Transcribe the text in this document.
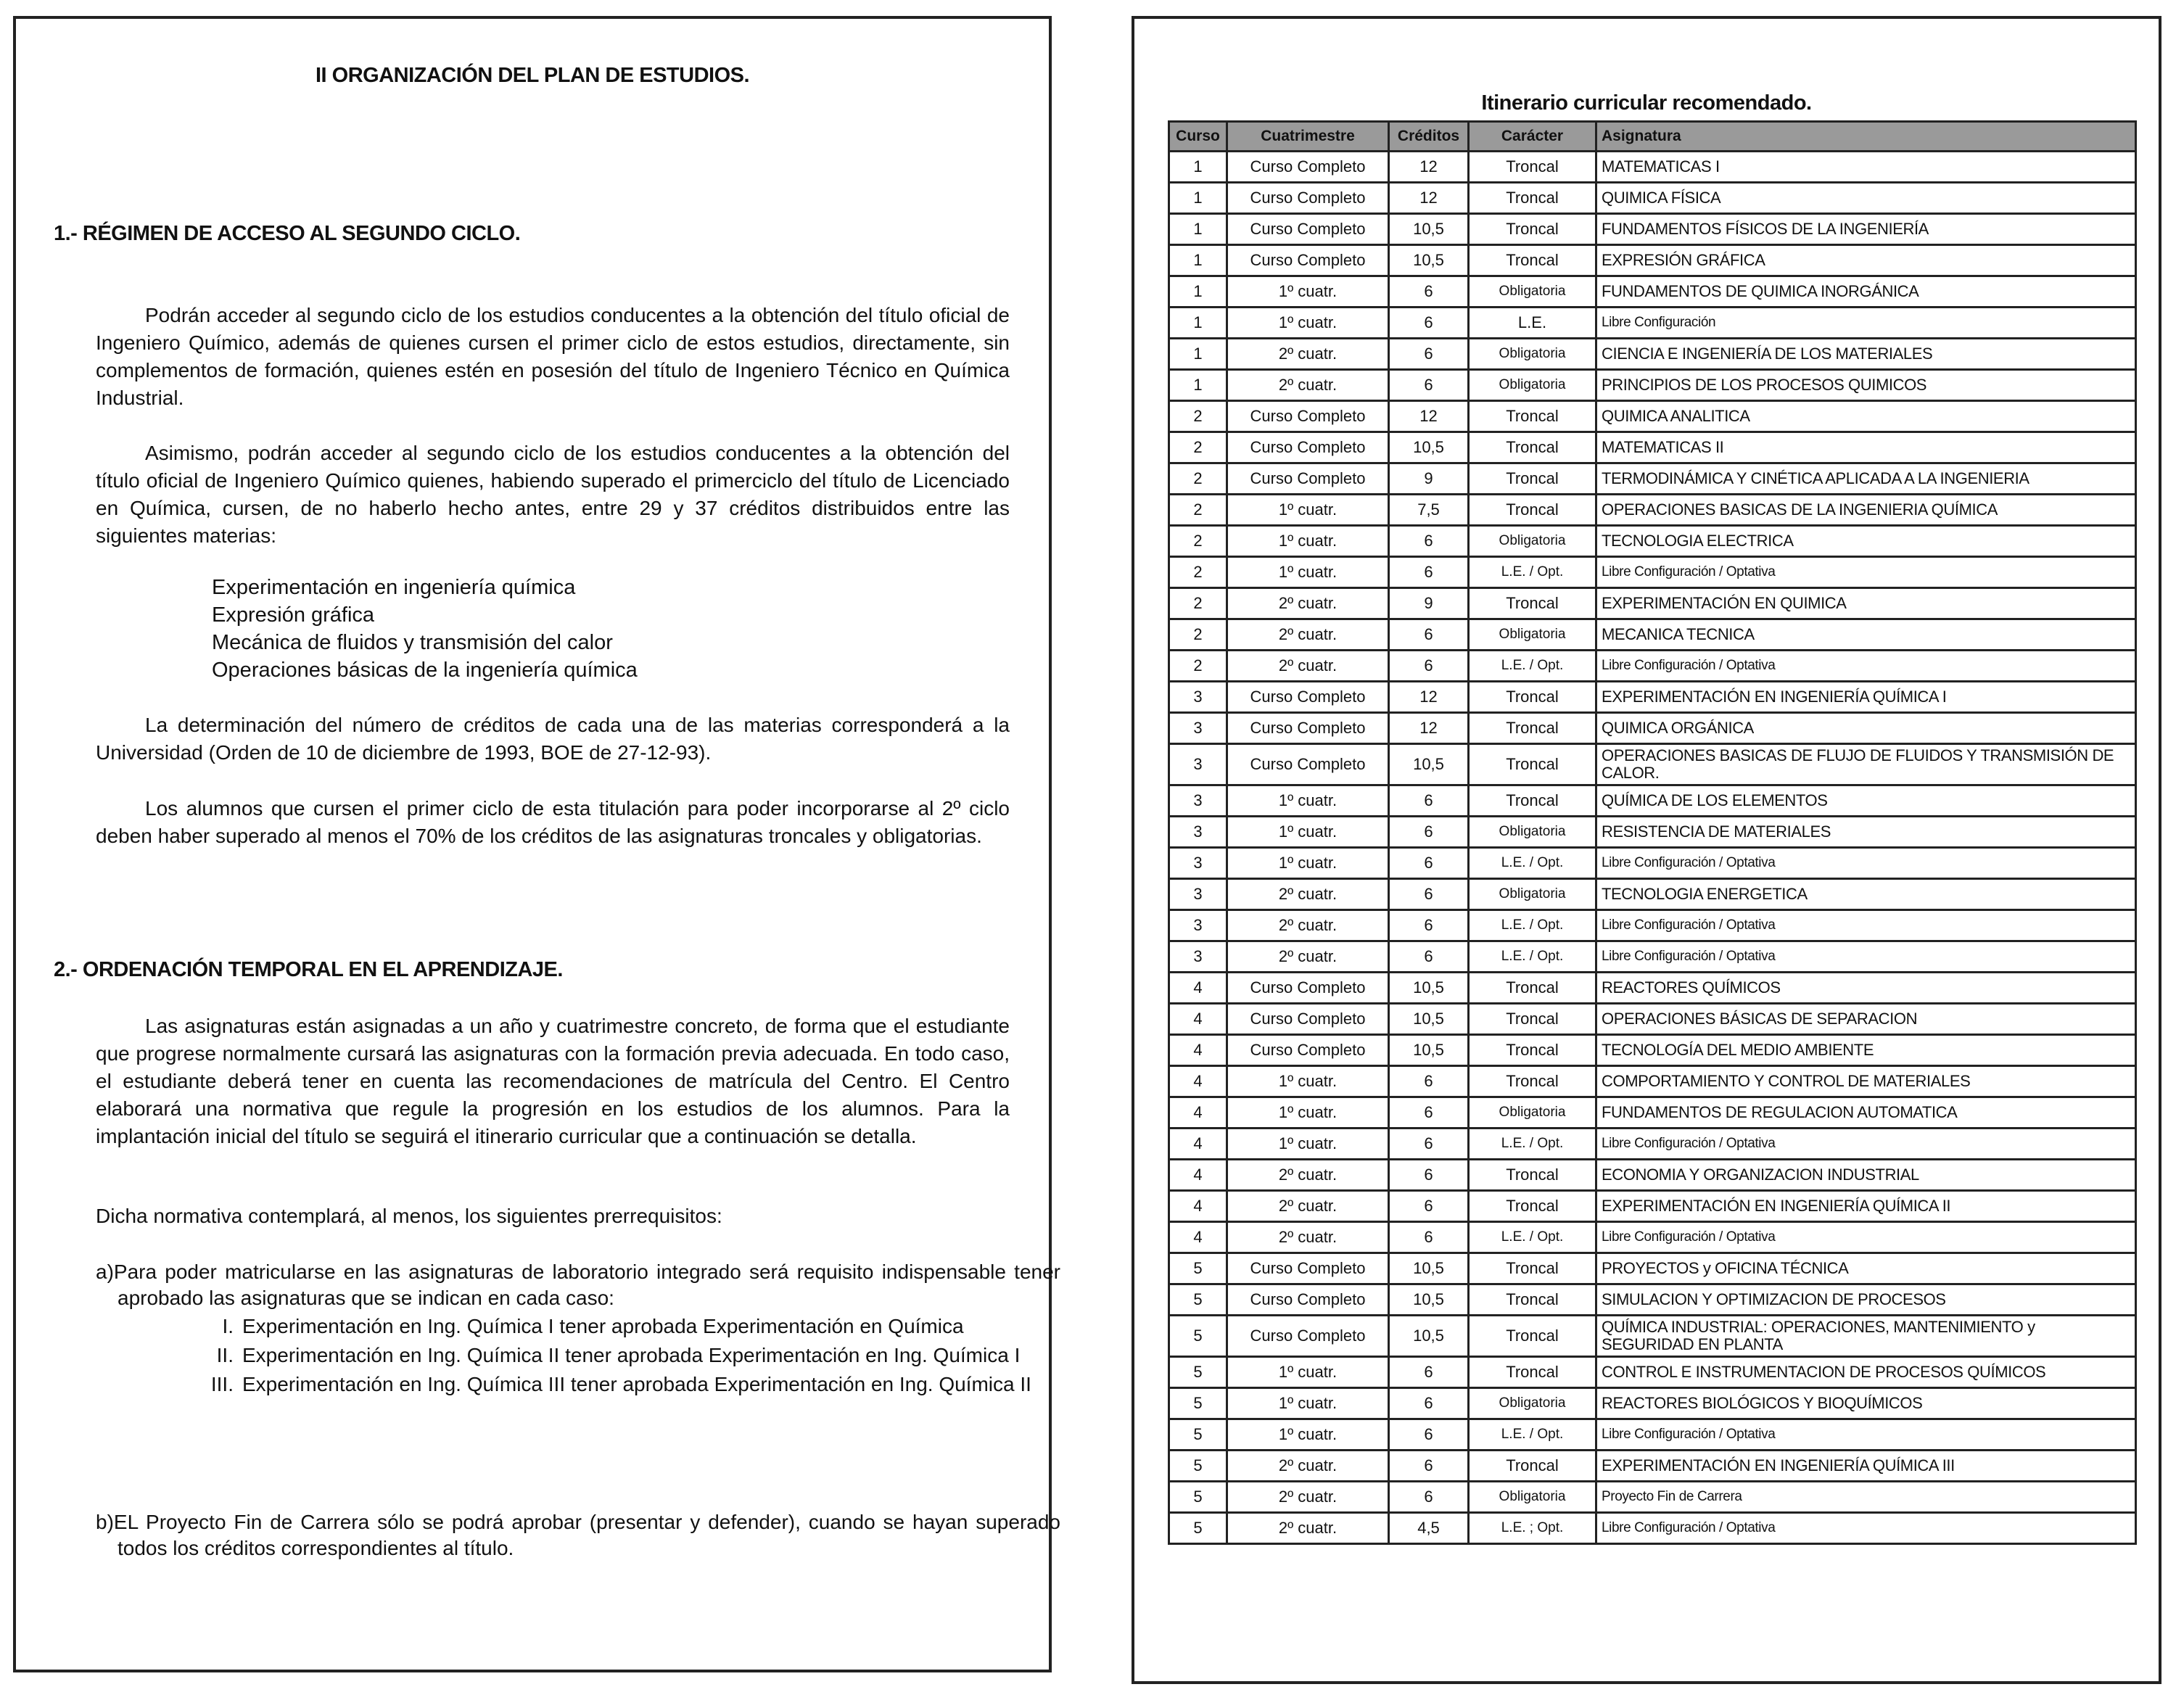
II ORGANIZACIÓN DEL PLAN DE ESTUDIOS.
1.- RÉGIMEN DE ACCESO AL SEGUNDO CICLO.
Podrán acceder al segundo ciclo de los estudios conducentes a la obtención del título oficial de Ingeniero Químico, además de quienes cursen el primer ciclo de estos estudios, directamente, sin complementos de formación, quienes estén en posesión del título de Ingeniero Técnico en Química Industrial.
Asimismo, podrán acceder al segundo ciclo de los estudios conducentes a la obtención del título oficial de Ingeniero Químico quienes, habiendo superado el primerciclo del título de Licenciado en Química, cursen, de no haberlo hecho antes, entre 29 y 37 créditos distribuidos entre las siguientes materias:
Experimentación en ingeniería química
Expresión gráfica
Mecánica de fluidos y transmisión del calor
Operaciones básicas de la ingeniería química
La determinación del número de créditos de cada una de las materias corresponderá a la Universidad (Orden de 10 de diciembre de 1993, BOE de 27-12-93).
Los alumnos que cursen el primer ciclo de esta titulación para poder incorporarse al 2º ciclo deben haber superado al menos el 70% de los créditos de las asignaturas troncales y obligatorias.
2.- ORDENACIÓN TEMPORAL EN EL APRENDIZAJE.
Las asignaturas están asignadas a un año y cuatrimestre concreto, de forma que el estudiante que progrese normalmente cursará las asignaturas con la formación previa adecuada. En todo caso, el estudiante deberá tener en cuenta las recomendaciones de matrícula del Centro. El Centro elaborará una normativa que regule la progresión en los estudios de los alumnos. Para la implantación inicial del título se seguirá el itinerario curricular que a continuación se detalla.
Dicha normativa contemplará, al menos, los siguientes prerrequisitos:
a)Para poder matricularse en las asignaturas de laboratorio integrado será requisito indispensable tener aprobado las asignaturas que se indican en cada caso:
I. Experimentación en Ing. Química I tener aprobada Experimentación en Química
II. Experimentación en Ing. Química II tener aprobada Experimentación en Ing. Química I
III. Experimentación en Ing. Química III tener aprobada Experimentación en Ing. Química II
b)EL Proyecto Fin de Carrera sólo se podrá aprobar (presentar y defender), cuando se hayan superado todos los créditos correspondientes al título.
Itinerario curricular recomendado.
Curso	Cuatrimestre	Créditos	Carácter	Asignatura
1	Curso Completo	12	Troncal	MATEMATICAS I
1	Curso Completo	12	Troncal	QUIMICA FÍSICA
1	Curso Completo	10,5	Troncal	FUNDAMENTOS FÍSICOS DE LA INGENIERÍA
1	Curso Completo	10,5	Troncal	EXPRESIÓN GRÁFICA
1	1º cuatr.	6	Obligatoria	FUNDAMENTOS DE QUIMICA INORGÁNICA
1	1º cuatr.	6	L.E.	Libre Configuración
1	2º cuatr.	6	Obligatoria	CIENCIA E INGENIERÍA DE LOS MATERIALES
1	2º cuatr.	6	Obligatoria	PRINCIPIOS DE LOS PROCESOS QUIMICOS
2	Curso Completo	12	Troncal	QUIMICA ANALITICA
2	Curso Completo	10,5	Troncal	MATEMATICAS II
2	Curso Completo	9	Troncal	TERMODINÁMICA Y CINÉTICA APLICADA A LA INGENIERIA
2	1º cuatr.	7,5	Troncal	OPERACIONES BASICAS DE LA INGENIERIA QUÍMICA
2	1º cuatr.	6	Obligatoria	TECNOLOGIA ELECTRICA
2	1º cuatr.	6	L.E. / Opt.	Libre Configuración / Optativa
2	2º cuatr.	9	Troncal	EXPERIMENTACIÓN EN QUIMICA
2	2º cuatr.	6	Obligatoria	MECANICA TECNICA
2	2º cuatr.	6	L.E. / Opt.	Libre Configuración / Optativa
3	Curso Completo	12	Troncal	EXPERIMENTACIÓN EN INGENIERÍA QUÍMICA I
3	Curso Completo	12	Troncal	QUIMICA ORGÁNICA
3	Curso Completo	10,5	Troncal	OPERACIONES BASICAS DE FLUJO DE FLUIDOS Y TRANSMISIÓN DE CALOR.
3	1º cuatr.	6	Troncal	QUÍMICA DE LOS ELEMENTOS
3	1º cuatr.	6	Obligatoria	RESISTENCIA DE MATERIALES
3	1º cuatr.	6	L.E. / Opt.	Libre Configuración / Optativa
3	2º cuatr.	6	Obligatoria	TECNOLOGIA ENERGETICA
3	2º cuatr.	6	L.E. / Opt.	Libre Configuración / Optativa
3	2º cuatr.	6	L.E. / Opt.	Libre Configuración / Optativa
4	Curso Completo	10,5	Troncal	REACTORES QUÍMICOS
4	Curso Completo	10,5	Troncal	OPERACIONES BÁSICAS DE SEPARACION
4	Curso Completo	10,5	Troncal	TECNOLOGÍA DEL MEDIO AMBIENTE
4	1º cuatr.	6	Troncal	COMPORTAMIENTO Y CONTROL DE MATERIALES
4	1º cuatr.	6	Obligatoria	FUNDAMENTOS DE REGULACION AUTOMATICA
4	1º cuatr.	6	L.E. / Opt.	Libre Configuración / Optativa
4	2º cuatr.	6	Troncal	ECONOMIA Y ORGANIZACION INDUSTRIAL
4	2º cuatr.	6	Troncal	EXPERIMENTACIÓN EN INGENIERÍA QUÍMICA II
4	2º cuatr.	6	L.E. / Opt.	Libre Configuración / Optativa
5	Curso Completo	10,5	Troncal	PROYECTOS y OFICINA TÉCNICA
5	Curso Completo	10,5	Troncal	SIMULACION Y OPTIMIZACION DE PROCESOS
5	Curso Completo	10,5	Troncal	QUÍMICA INDUSTRIAL: OPERACIONES, MANTENIMIENTO y SEGURIDAD EN PLANTA
5	1º cuatr.	6	Troncal	CONTROL E INSTRUMENTACION DE PROCESOS QUÍMICOS
5	1º cuatr.	6	Obligatoria	REACTORES BIOLÓGICOS Y BIOQUÍMICOS
5	1º cuatr.	6	L.E. / Opt.	Libre Configuración / Optativa
5	2º cuatr.	6	Troncal	EXPERIMENTACIÓN EN INGENIERÍA QUÍMICA III
5	2º cuatr.	6	Obligatoria	Proyecto Fin de Carrera
5	2º cuatr.	4,5	L.E. ; Opt.	Libre Configuración / Optativa
